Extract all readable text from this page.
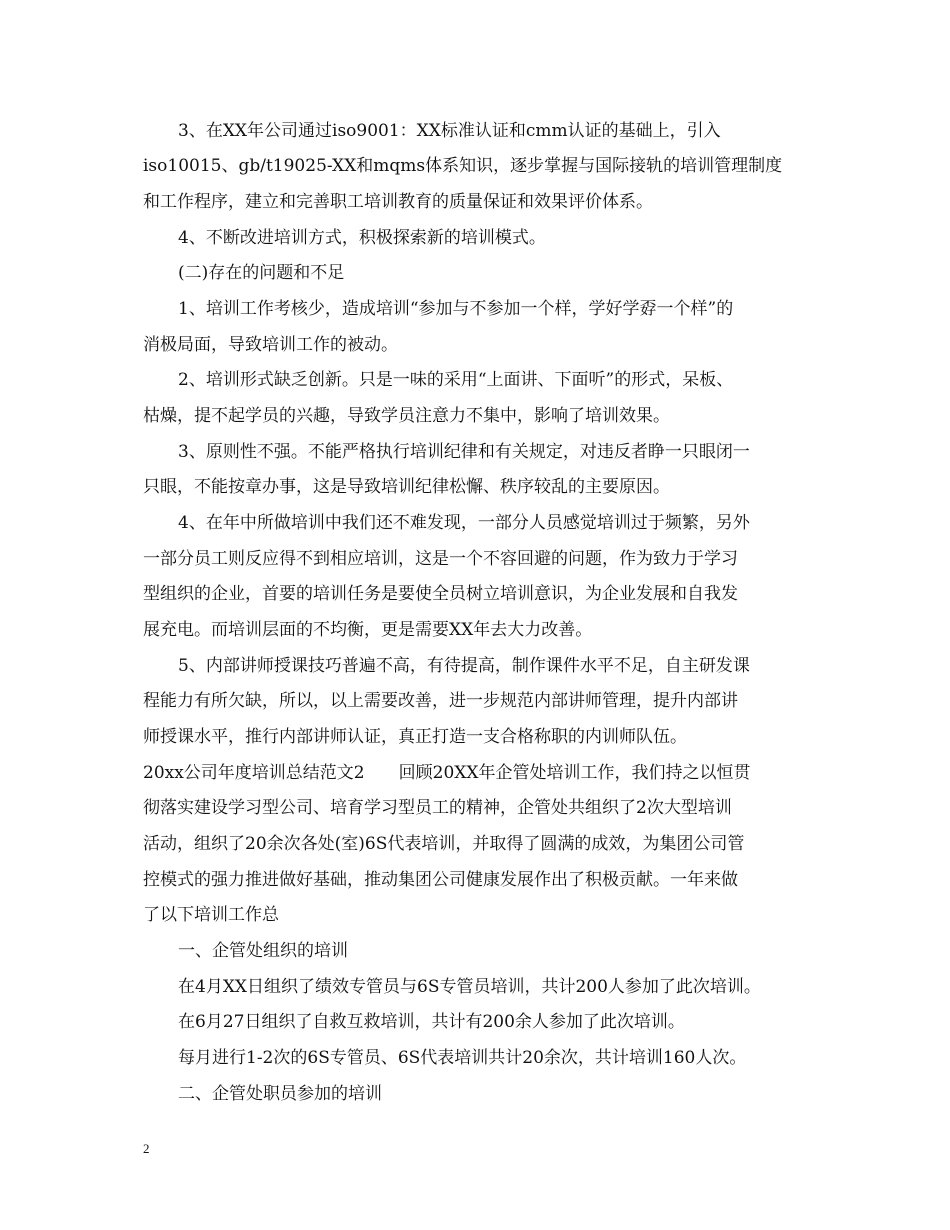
3、在XX年公司通过iso9001：XX标准认证和cmm认证的基础上，引入
iso10015、gb/t19025-XX和mqms体系知识，逐步掌握与国际接轨的培训管理制度
和工作程序，建立和完善职工培训教育的质量保证和效果评价体系。
4、不断改进培训方式，积极探索新的培训模式。
(二)存在的问题和不足
1、培训工作考核少，造成培训“参加与不参加一个样，学好学孬一个样”的
消极局面，导致培训工作的被动。
2、培训形式缺乏创新。只是一味的采用“上面讲、下面听”的形式，呆板、
枯燥，提不起学员的兴趣，导致学员注意力不集中，影响了培训效果。
3、原则性不强。不能严格执行培训纪律和有关规定，对违反者睁一只眼闭一
只眼，不能按章办事，这是导致培训纪律松懈、秩序较乱的主要原因。
4、在年中所做培训中我们还不难发现，一部分人员感觉培训过于频繁，另外
一部分员工则反应得不到相应培训，这是一个不容回避的问题，作为致力于学习
型组织的企业，首要的培训任务是要使全员树立培训意识，为企业发展和自我发
展充电。而培训层面的不均衡，更是需要XX年去大力改善。
5、内部讲师授课技巧普遍不高，有待提高，制作课件水平不足，自主研发课
程能力有所欠缺，所以，以上需要改善，进一步规范内部讲师管理，提升内部讲
师授课水平，推行内部讲师认证，真正打造一支合格称职的内训师队伍。
20xx公司年度培训总结范文2　　回顾20XX年企管处培训工作，我们持之以恒贯
彻落实建设学习型公司、培育学习型员工的精神，企管处共组织了2次大型培训
活动，组织了20余次各处(室)6S代表培训，并取得了圆满的成效，为集团公司管
控模式的强力推进做好基础，推动集团公司健康发展作出了积极贡献。一年来做
了以下培训工作总
一、企管处组织的培训
在4月XX日组织了绩效专管员与6S专管员培训，共计200人参加了此次培训。
在6月27日组织了自救互救培训，共计有200余人参加了此次培训。
每月进行1-2次的6S专管员、6S代表培训共计20余次，共计培训160人次。
二、企管处职员参加的培训
2
